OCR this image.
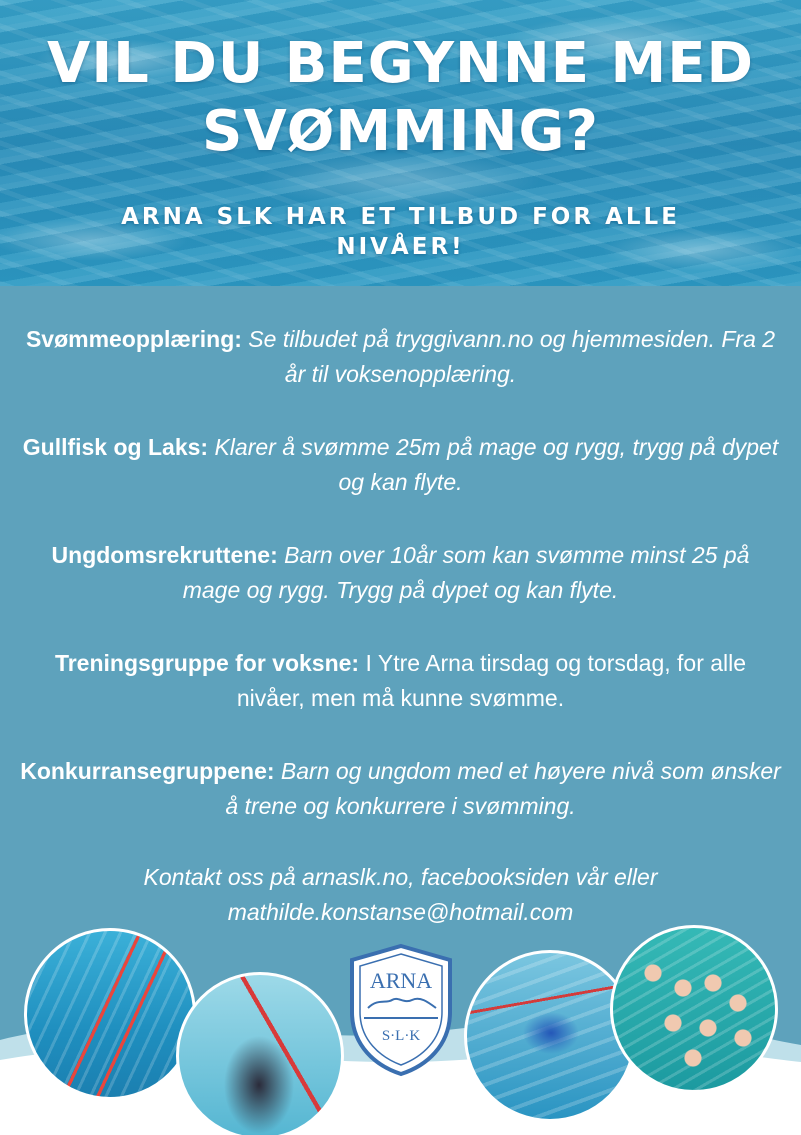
VIL DU BEGYNNE MED
SVØMMING?
ARNA SLK HAR ET TILBUD FOR ALLE NIVÅER!

Svømmeopplæring: Se tilbudet på tryggivann.no og hjemmesiden. Fra 2 år til voksenopplæring.

Gullfisk og Laks: Klarer å svømme 25m på mage og rygg, trygg på dypet og kan flyte.

Ungdomsrekruttene: Barn over 10år som kan svømme minst 25 på mage og rygg. Trygg på dypet og kan flyte.

Treningsgruppe for voksne: I Ytre Arna tirsdag og torsdag, for alle nivåer, men må kunne svømme.

Konkurransegruppene: Barn og ungdom med et høyere nivå som ønsker å trene og konkurrere i svømming.

Kontakt oss på arnaslk.no, facebooksiden vår eller
mathilde.konstanse@hotmail.com
ARNA
S·L·K
